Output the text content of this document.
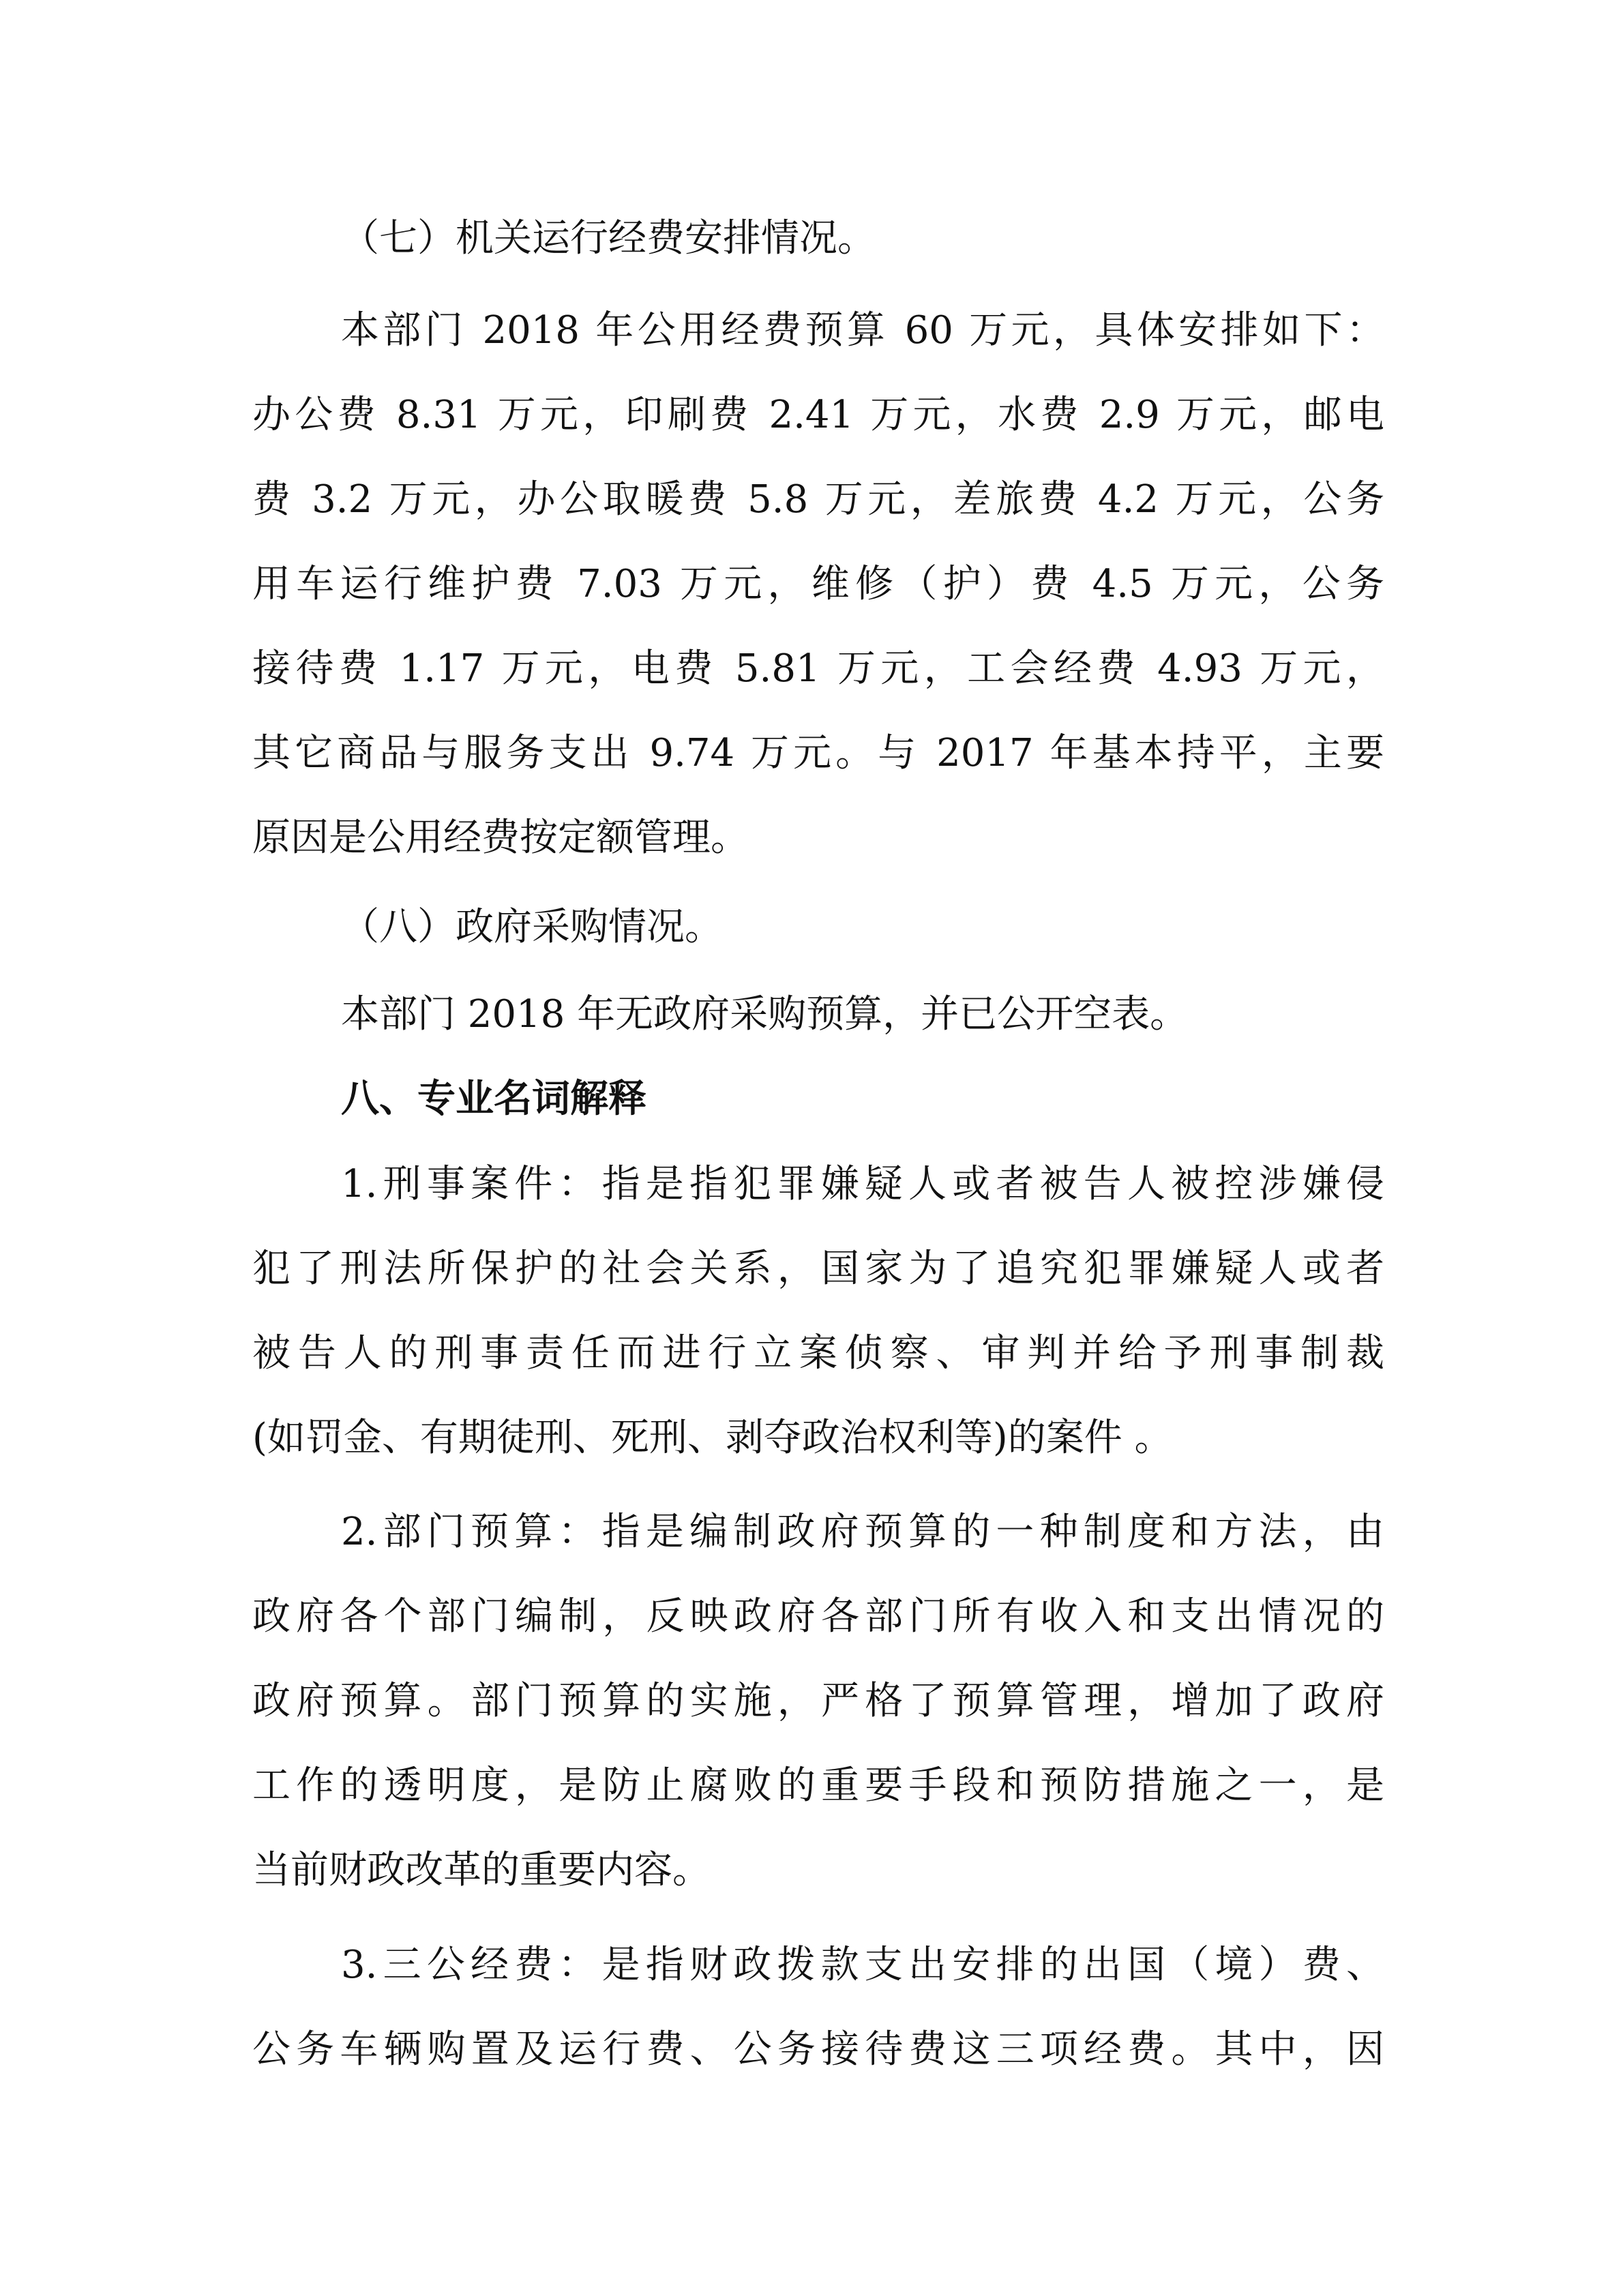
（七）机关运行经费安排情况。
本部门 2018 年公用经费预算 60 万元，具体安排如下：
办公费 8.31 万元，印刷费 2.41 万元，水费 2.9 万元，邮电
费 3.2 万元，办公取暖费 5.8 万元，差旅费 4.2 万元，公务
用车运行维护费 7.03 万元，维修（护）费 4.5 万元，公务
接待费 1.17 万元，电费 5.81 万元，工会经费 4.93 万元，
其它商品与服务支出 9.74 万元。与 2017 年基本持平，主要
原因是公用经费按定额管理。
（八）政府采购情况。
本部门 2018 年无政府采购预算，并已公开空表。
八、专业名词解释
1.刑事案件：指是指犯罪嫌疑人或者被告人被控涉嫌侵
犯了刑法所保护的社会关系，国家为了追究犯罪嫌疑人或者
被告人的刑事责任而进行立案侦察、审判并给予刑事制裁
(如罚金、有期徒刑、死刑、剥夺政治权利等)的案件 。
2.部门预算：指是编制政府预算的一种制度和方法，由
政府各个部门编制，反映政府各部门所有收入和支出情况的
政府预算。部门预算的实施，严格了预算管理，增加了政府
工作的透明度，是防止腐败的重要手段和预防措施之一，是
当前财政改革的重要内容。
3.三公经费：是指财政拨款支出安排的出国（境）费、
公务车辆购置及运行费、公务接待费这三项经费。其中，因
